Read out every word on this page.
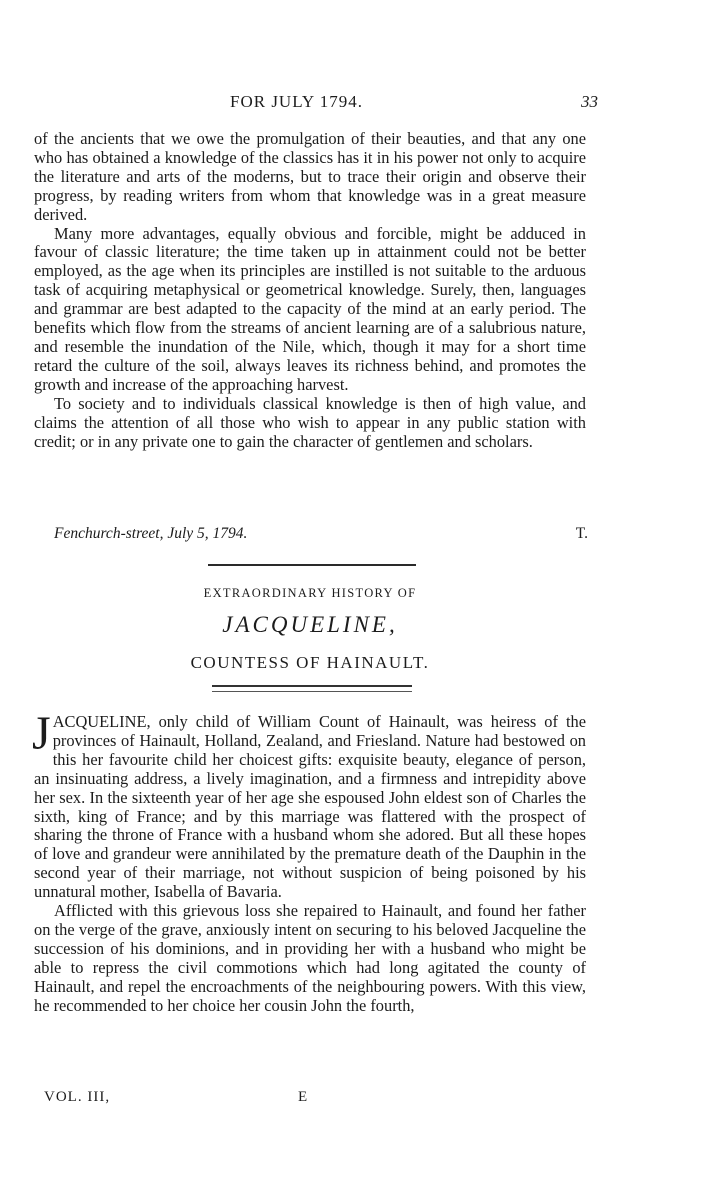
FOR JULY 1794.	33

of the ancients that we owe the promulgation of their beauties, and that any one who has obtained a knowledge of the classics has it in his power not only to acquire the literature and arts of the moderns, but to trace their origin and observe their progress, by reading writers from whom that knowledge was in a great measure derived.

Many more advantages, equally obvious and forcible, might be adduced in favour of classic literature; the time taken up in attainment could not be better employed, as the age when its principles are instilled is not suitable to the arduous task of acquiring metaphysical or geometrical knowledge. Surely, then, languages and grammar are best adapted to the capacity of the mind at an early period. The benefits which flow from the streams of ancient learning are of a salubrious nature, and resemble the inundation of the Nile, which, though it may for a short time retard the culture of the soil, always leaves its richness behind, and promotes the growth and increase of the approaching harvest.

To society and to individuals classical knowledge is then of high value, and claims the attention of all those who wish to appear in any public station with credit; or in any private one to gain the character of gentlemen and scholars.

Fenchurch-street, July 5, 1794.	T.
EXTRAORDINARY HISTORY OF
JACQUELINE,
COUNTESS OF HAINAULT.

JACQUELINE, only child of William Count of Hainault, was heiress of the provinces of Hainault, Holland, Zealand, and Friesland. Nature had bestowed on this her favourite child her choicest gifts: exquisite beauty, elegance of person, an insinuating address, a lively imagination, and a firmness and intrepidity above her sex. In the sixteenth year of her age she espoused John eldest son of Charles the sixth, king of France; and by this marriage was flattered with the prospect of sharing the throne of France with a husband whom she adored. But all these hopes of love and grandeur were annihilated by the premature death of the Dauphin in the second year of their marriage, not without suspicion of being poisoned by his unnatural mother, Isabella of Bavaria.

Afflicted with this grievous loss she repaired to Hainault, and found her father on the verge of the grave, anxiously intent on securing to his beloved Jacqueline the succession of his dominions, and in providing her with a husband who might be able to repress the civil commotions which had long agitated the county of Hainault, and repel the encroachments of the neighbouring powers. With this view, he recommended to her choice her cousin John the fourth,

VOL. III,	E
